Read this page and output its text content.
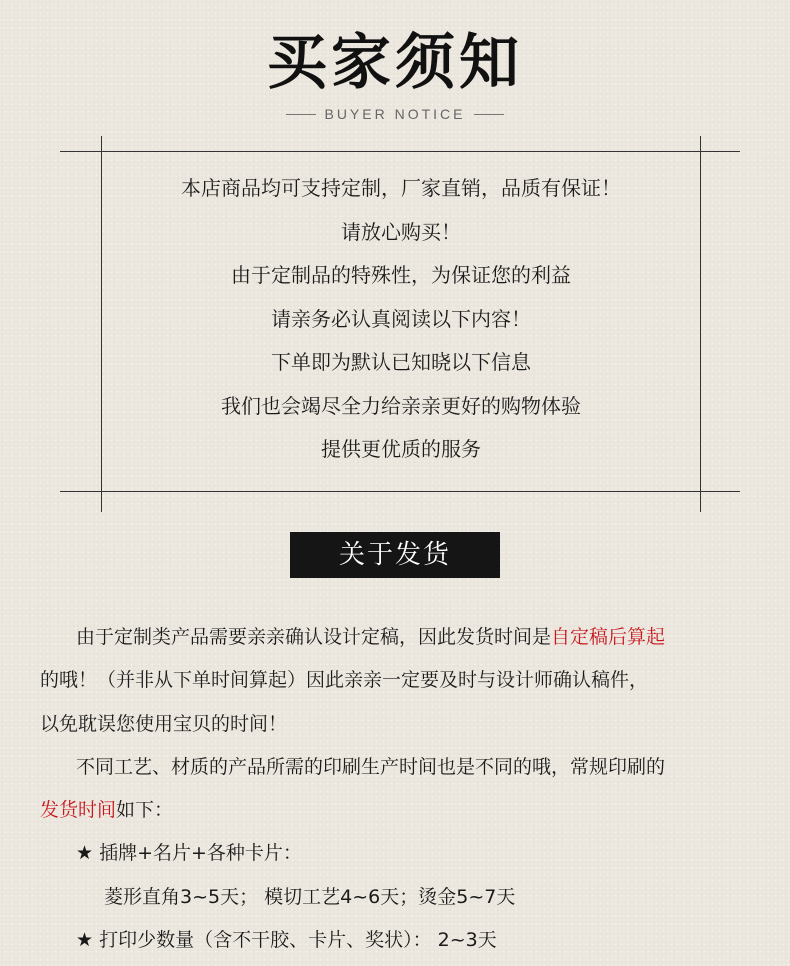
买家须知
BUYER NOTICE
本店商品均可支持定制，厂家直销，品质有保证！
请放心购买！
由于定制品的特殊性，为保证您的利益
请亲务必认真阅读以下内容！
下单即为默认已知晓以下信息
我们也会竭尽全力给亲亲更好的购物体验
提供更优质的服务
关于发货
由于定制类产品需要亲亲确认设计定稿，因此发货时间是自定稿后算起
的哦！（并非从下单时间算起）因此亲亲一定要及时与设计师确认稿件，
以免耽误您使用宝贝的时间！
不同工艺、材质的产品所需的印刷生产时间也是不同的哦，常规印刷的
发货时间如下：
★ 插牌+名片+各种卡片：
菱形直角3~5天； 模切工艺4~6天；烫金5~7天
★ 打印少数量（含不干胶、卡片、奖状）： 2~3天
